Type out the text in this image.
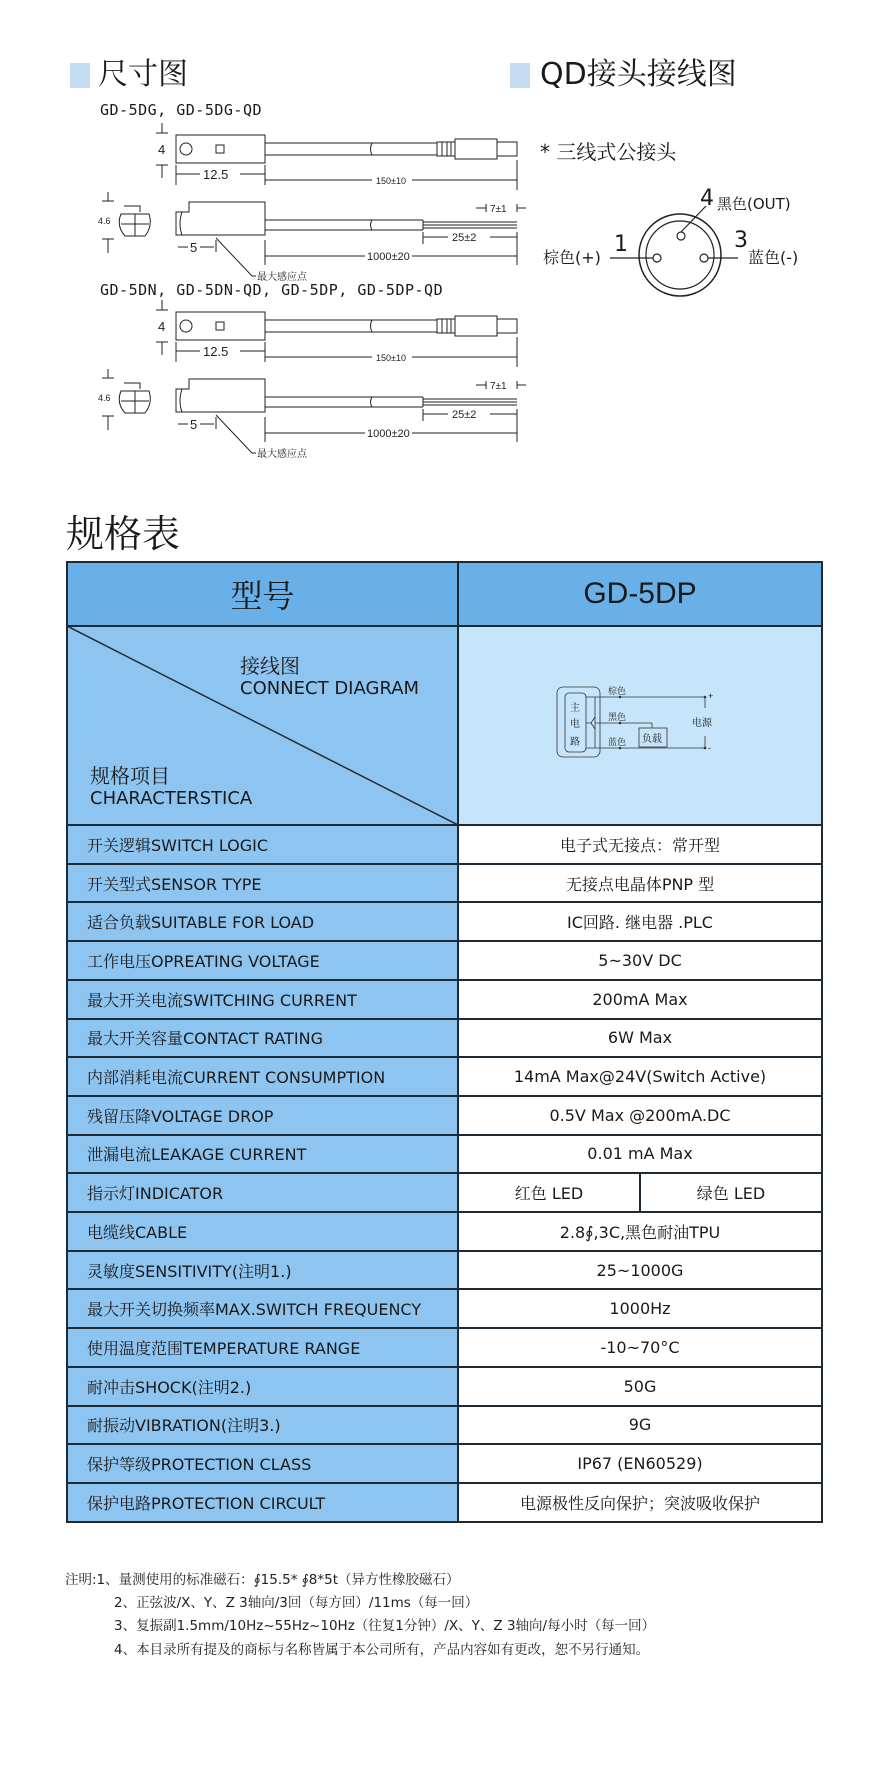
尺寸图	QD接头接线图
GD-5DG, GD-5DG-QD
GD-5DN, GD-5DN-QD, GD-5DP, GD-5DP-QD
4
12.5	150±10
4.6
7±1
25±2
5
1000±20
最大感应点
4
12.5	150±10
4.6
7±1
25±2
5
1000±20
最大感应点
* 三线式公接头
4 黑色(OUT)
1
棕色(+)
3
蓝色(-)
规格表
型号	GD-5DP
接线图
CONNECT DIAGRAM
规格项目
CHARACTERSTICA
主
电
路
棕色
黑色
蓝色 负载
电源
+
-
开关逻辑SWITCH LOGIC	电子式无接点：常开型
开关型式SENSOR TYPE	无接点电晶体PNP 型
适合负载SUITABLE FOR LOAD	IC回路. 继电器 .PLC
工作电压OPREATING VOLTAGE	5~30V DC
最大开关电流SWITCHING CURRENT	200mA Max
最大开关容量CONTACT RATING	6W Max
内部消耗电流CURRENT CONSUMPTION	14mA Max@24V(Switch Active)
残留压降VOLTAGE DROP	0.5V Max @200mA.DC
泄漏电流LEAKAGE CURRENT	0.01 mA Max
指示灯INDICATOR	红色 LED	绿色 LED
电缆线CABLE	2.8∮,3C,黑色耐油TPU
灵敏度SENSITIVITY(注明1.)	25~1000G
最大开关切换频率MAX.SWITCH FREQUENCY	1000Hz
使用温度范围TEMPERATURE RANGE	-10~70°C
耐冲击SHOCK(注明2.)	50G
耐振动VIBRATION(注明3.)	9G
保护等级PROTECTION CLASS	IP67 (EN60529)
保护电路PROTECTION CIRCULT	电源极性反向保护；突波吸收保护
注明:1、量测使用的标准磁石：∮15.5* ∮8*5t（异方性橡胶磁石）
2、正弦波/X、Y、Z 3轴向/3回（每方回）/11ms（每一回）
3、复振副1.5mm/10Hz~55Hz~10Hz（往复1分钟）/X、Y、Z 3轴向/每小时（每一回）
4、本目录所有提及的商标与名称皆属于本公司所有，产品内容如有更改，恕不另行通知。
